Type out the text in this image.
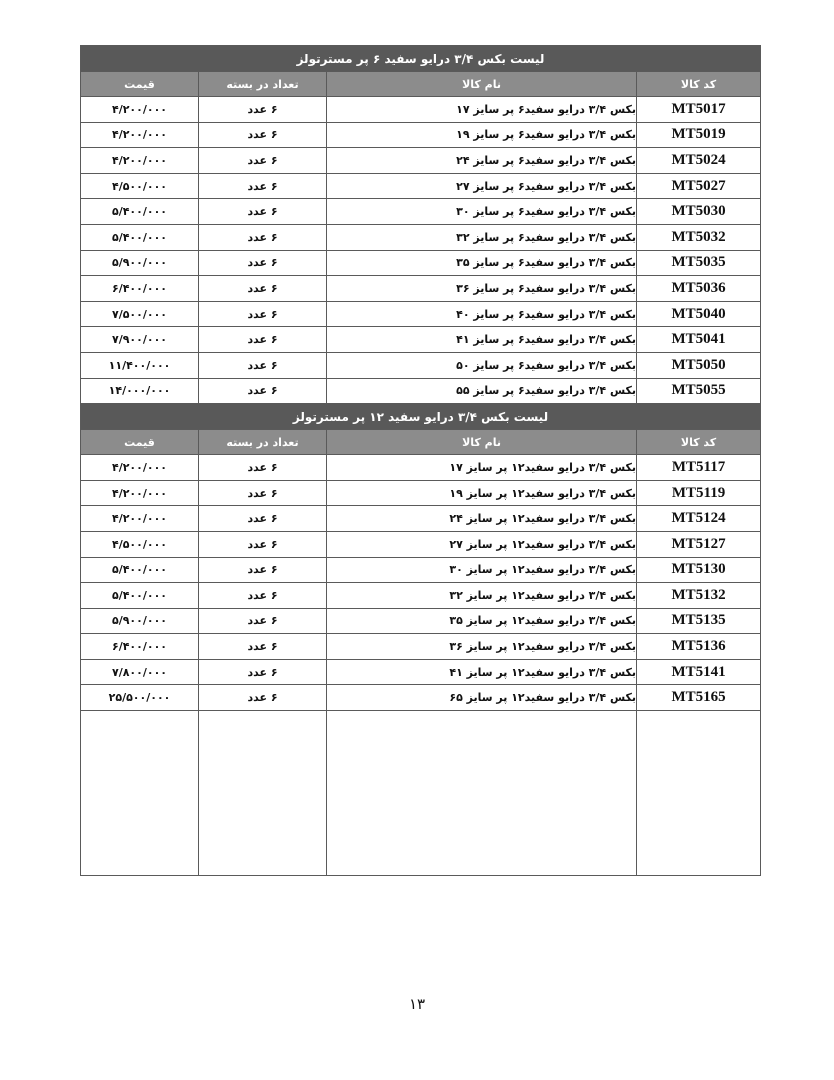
لیست بکس ۳/۴ درایو سفید ۶ پر مسترتولز			
کد کالا	نام کالا	تعداد در بسته	قیمت
MT5017	بکس ۳/۴ درایو سفید۶ پر سایز ۱۷	۶ عدد	۴/۲۰۰/۰۰۰
MT5019	بکس ۳/۴ درایو سفید۶ پر سایز ۱۹	۶ عدد	۴/۲۰۰/۰۰۰
MT5024	بکس ۳/۴ درایو سفید۶ پر سایز ۲۴	۶ عدد	۴/۲۰۰/۰۰۰
MT5027	بکس ۳/۴ درایو سفید۶ پر سایز ۲۷	۶ عدد	۴/۵۰۰/۰۰۰
MT5030	بکس ۳/۴ درایو سفید۶ پر سایز ۳۰	۶ عدد	۵/۴۰۰/۰۰۰
MT5032	بکس ۳/۴ درایو سفید۶ پر سایز ۳۲	۶ عدد	۵/۴۰۰/۰۰۰
MT5035	بکس ۳/۴ درایو سفید۶ پر سایز ۳۵	۶ عدد	۵/۹۰۰/۰۰۰
MT5036	بکس ۳/۴ درایو سفید۶ پر سایز ۳۶	۶ عدد	۶/۴۰۰/۰۰۰
MT5040	بکس ۳/۴ درایو سفید۶ پر سایز ۴۰	۶ عدد	۷/۵۰۰/۰۰۰
MT5041	بکس ۳/۴ درایو سفید۶ پر سایز ۴۱	۶ عدد	۷/۹۰۰/۰۰۰
MT5050	بکس ۳/۴ درایو سفید۶ پر سایز ۵۰	۶ عدد	۱۱/۴۰۰/۰۰۰
MT5055	بکس ۳/۴ درایو سفید۶ پر سایز ۵۵	۶ عدد	۱۴/۰۰۰/۰۰۰
لیست بکس ۳/۴ درایو سفید ۱۲ پر مسترتولز			
کد کالا	نام کالا	تعداد در بسته	قیمت
MT5117	بکس ۳/۴ درایو سفید۱۲ پر سایز ۱۷	۶ عدد	۴/۲۰۰/۰۰۰
MT5119	بکس ۳/۴ درایو سفید۱۲ پر سایز ۱۹	۶ عدد	۴/۲۰۰/۰۰۰
MT5124	بکس ۳/۴ درایو سفید۱۲ پر سایز ۲۴	۶ عدد	۴/۲۰۰/۰۰۰
MT5127	بکس ۳/۴ درایو سفید۱۲ پر سایز ۲۷	۶ عدد	۴/۵۰۰/۰۰۰
MT5130	بکس ۳/۴ درایو سفید۱۲ پر سایز ۳۰	۶ عدد	۵/۴۰۰/۰۰۰
MT5132	بکس ۳/۴ درایو سفید۱۲ پر سایز ۳۲	۶ عدد	۵/۴۰۰/۰۰۰
MT5135	بکس ۳/۴ درایو سفید۱۲ پر سایز ۳۵	۶ عدد	۵/۹۰۰/۰۰۰
MT5136	بکس ۳/۴ درایو سفید۱۲ پر سایز ۳۶	۶ عدد	۶/۴۰۰/۰۰۰
MT5141	بکس ۳/۴ درایو سفید۱۲ پر سایز ۴۱	۶ عدد	۷/۸۰۰/۰۰۰
MT5165	بکس ۳/۴ درایو سفید۱۲ پر سایز ۶۵	۶ عدد	۲۵/۵۰۰/۰۰۰

۱۳
